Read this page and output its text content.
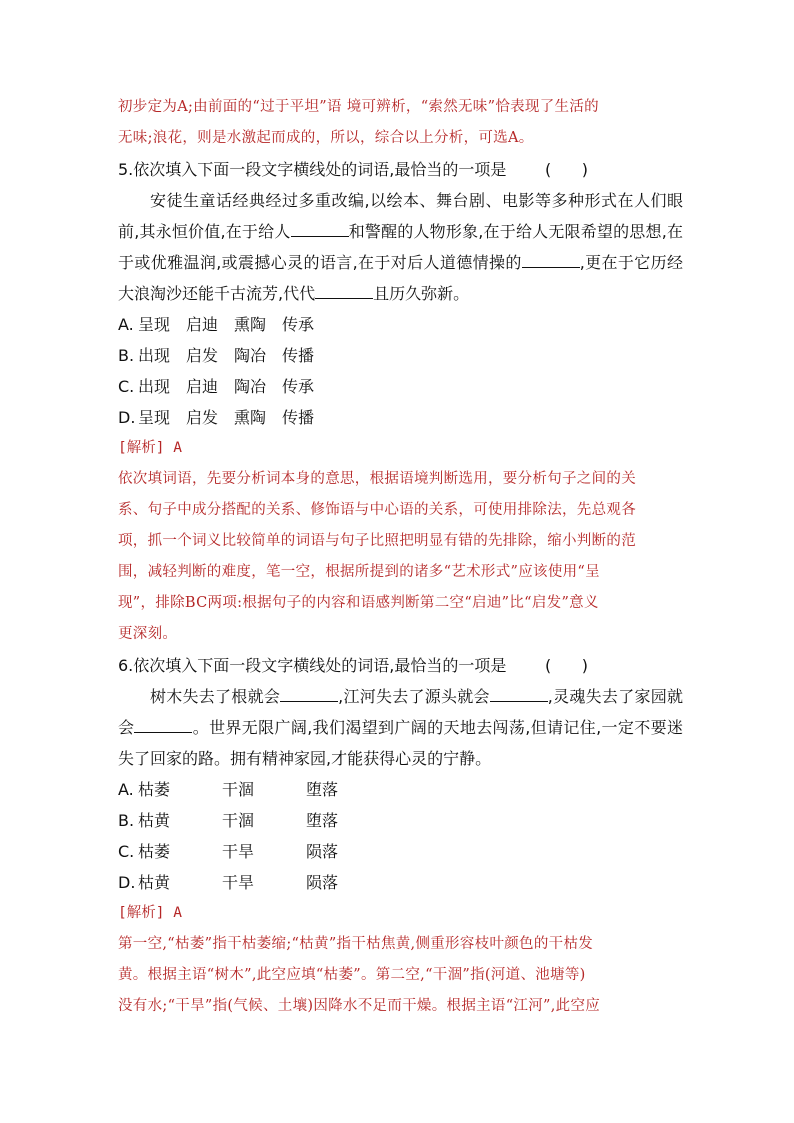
初步定为A;由前面的“过于平坦”语 境可辨析，“索然无味”恰表现了生活的

无味;浪花，则是水激起而成的，所以，综合以上分析，可选A。

5.依次填入下面一段文字横线处的词语,最恰当的一项是 (      )

安徒生童话经典经过多重改编,以绘本、舞台剧、电影等多种形式在人们眼前,其永恒价值,在于给人	和警醒的人物形象,在于给人无限希望的思想,在于或优雅温润,或震撼心灵的语言,在于对后人道德情操的	,更在于它历经大浪淘沙还能千古流芳,代代	且历久弥新。

A. 呈现 启迪 熏陶 传承
B. 出现 启发 陶冶 传播
C. 出现 启迪 陶冶 传承
D. 呈现 启发 熏陶 传播
[解析] A

依次填词语，先要分析词本身的意思，根据语境判断选用，要分析句子之间的关

系、句子中成分搭配的关系、修饰语与中心语的关系，可使用排除法，先总观各

项，抓一个词义比较简单的词语与句子比照把明显有错的先排除，缩小判断的范

围，减轻判断的难度，笔一空，根据所提到的诸多“艺术形式”应该使用“呈

现”，排除BC两项:根据句子的内容和语感判断第二空“启迪”比“启发”意义

更深刻。

6.依次填入下面一段文字横线处的词语,最恰当的一项是 (      )

树木失去了根就会	,江河失去了源头就会	,灵魂失去了家园就会	。世界无限广阔,我们渴望到广阔的天地去闯荡,但请记住,一定不要迷失了回家的路。拥有精神家园,才能获得心灵的宁静。

A. 枯萎	干涸	堕落
B. 枯黄	干涸	堕落
C. 枯萎	干旱	陨落
D. 枯黄	干旱	陨落
[解析] A

第一空,“枯萎”指干枯萎缩;“枯黄”指干枯焦黄,侧重形容枝叶颜色的干枯发

黄。根据主语“树木”,此空应填“枯萎”。第二空,“干涸”指(河道、池塘等)

没有水;“干旱”指(气候、土壤)因降水不足而干燥。根据主语“江河”,此空应
